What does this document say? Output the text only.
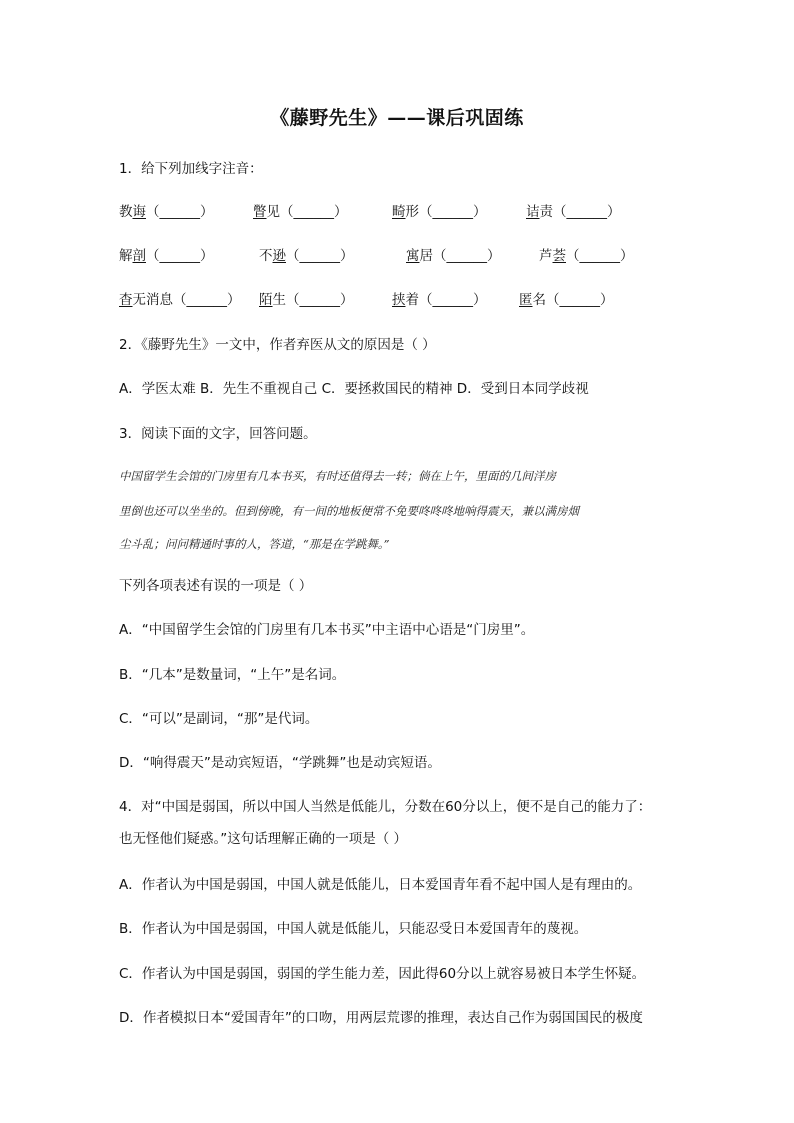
《藤野先生》——课后巩固练
1．给下列加线字注音：
教诲（______）	瞥见（______）	畸形（______）	诘责（______）
解剖（______）	不逊（______）	寓居（______）	芦荟（______）
杳无消息（______） 陌生（______）	挟着（______） 匿名（______）
2．《藤野先生》一文中，作者弃医从文的原因是（ ）
A．学医太难 B．先生不重视自己 C．要拯救国民的精神 D．受到日本同学歧视
3．阅读下面的文字，回答问题。
中国留学生会馆的门房里有几本书买，有时还值得去一转；倘在上午，里面的几间洋房
里倒也还可以坐坐的。但到傍晚，有一间的地板便常不免要咚咚咚地响得震天，兼以满房烟
尘斗乱；问问精通时事的人，答道，“那是在学跳舞。”
下列各项表述有误的一项是（ ）
A．“中国留学生会馆的门房里有几本书买”中主语中心语是“门房里”。
B．“几本”是数量词，“上午”是名词。
C．“可以”是副词，“那”是代词。
D．“响得震天”是动宾短语，“学跳舞”也是动宾短语。
4．对“中国是弱国，所以中国人当然是低能儿，分数在60分以上，便不是自己的能力了：
也无怪他们疑惑。”这句话理解正确的一项是（ ）
A．作者认为中国是弱国，中国人就是低能儿，日本爱国青年看不起中国人是有理由的。
B．作者认为中国是弱国，中国人就是低能儿，只能忍受日本爱国青年的蔑视。
C．作者认为中国是弱国，弱国的学生能力差，因此得60分以上就容易被日本学生怀疑。
D．作者模拟日本“爱国青年”的口吻，用两层荒谬的推理，表达自己作为弱国国民的极度
